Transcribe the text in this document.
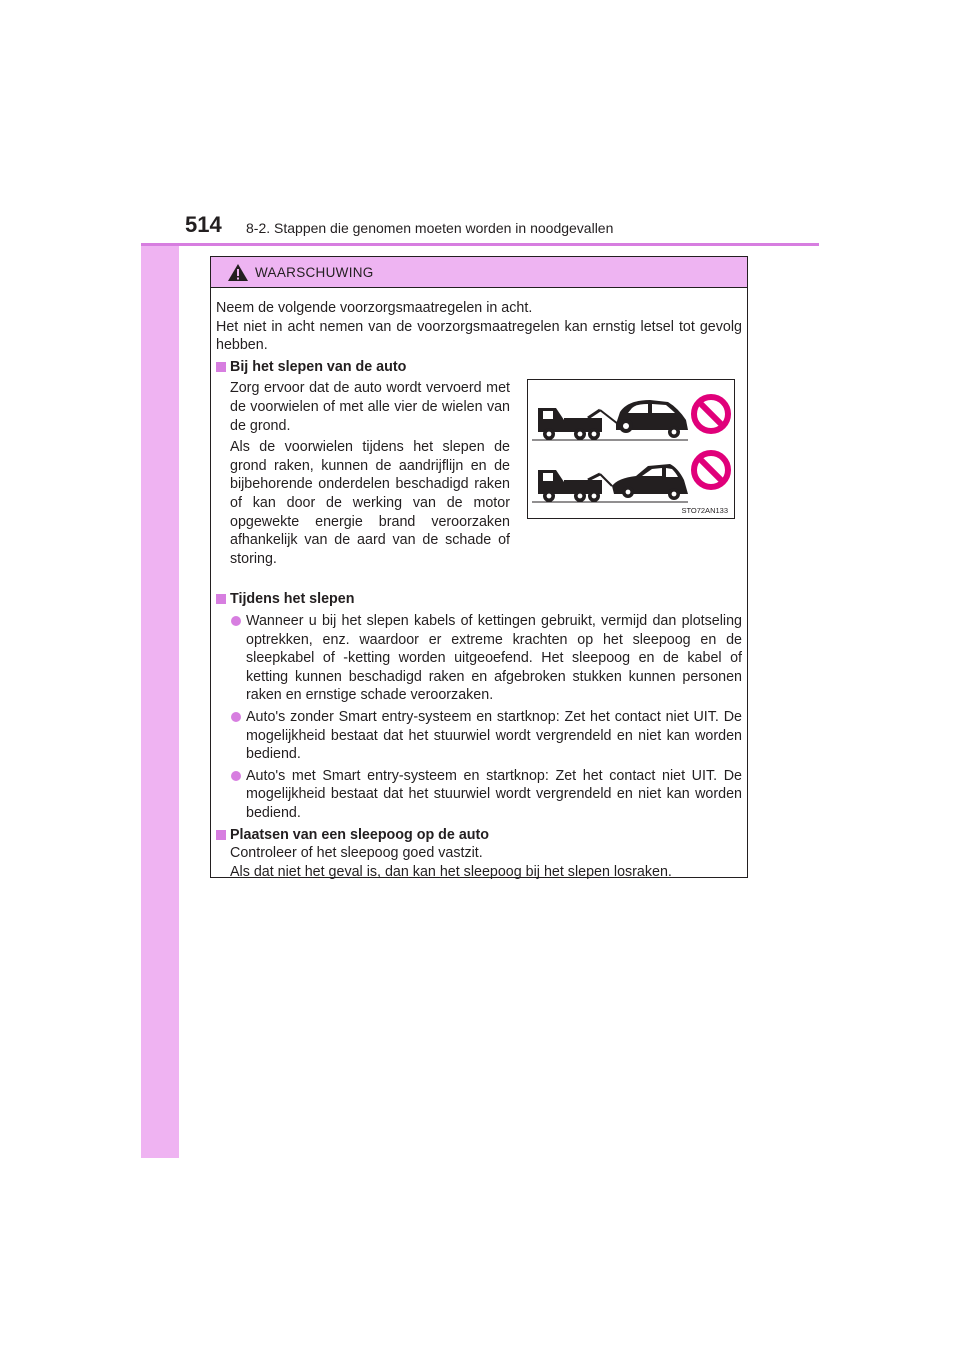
514 8-2. Stappen die genomen moeten worden in noodgevallen
WAARSCHUWING

Neem de volgende voorzorgsmaatregelen in acht.

Het niet in acht nemen van de voorzorgsmaatregelen kan ernstig letsel tot gevolg hebben.

Bij het slepen van de auto

Zorg ervoor dat de auto wordt vervoerd met de voorwielen of met alle vier de wielen van de grond.

Als de voorwielen tijdens het slepen de grond raken, kunnen de aandrijflijn en de bijbehorende onderdelen beschadigd raken of kan door de werking van de motor opgewekte energie brand veroorzaken afhankelijk van de aard van de schade of storing.

STO72AN133

Tijdens het slepen

Wanneer u bij het slepen kabels of kettingen gebruikt, vermijd dan plotseling optrekken, enz. waardoor er extreme krachten op het sleepoog en de sleepkabel of -ketting worden uitgeoefend. Het sleepoog en de kabel of ketting kunnen beschadigd raken en afgebroken stukken kunnen personen raken en ernstige schade veroorzaken.

Auto's zonder Smart entry-systeem en startknop: Zet het contact niet UIT. De mogelijkheid bestaat dat het stuurwiel wordt vergrendeld en niet kan worden bediend.

Auto's met Smart entry-systeem en startknop: Zet het contact niet UIT. De mogelijkheid bestaat dat het stuurwiel wordt vergrendeld en niet kan worden bediend.

Plaatsen van een sleepoog op de auto

Controleer of het sleepoog goed vastzit.

Als dat niet het geval is, dan kan het sleepoog bij het slepen losraken.
